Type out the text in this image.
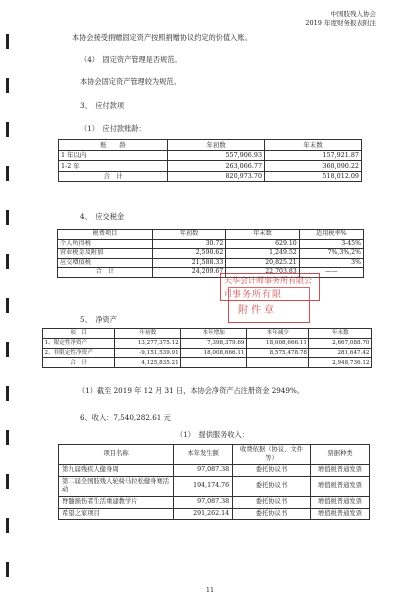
中国肢残人协会
2019 年度财务报表附注
本协会接受捐赠固定资产按照捐赠协议约定的价值入账。
（4）　固定资产管理是否规范。
本协会固定资产管理较为规范。
3、　应付款项
（1）　应付款账龄：
账　　龄	年初数	年末数
1 年以内	557,906.93	157,921.87
1-2 年	263,066.77	360,090.22
合　计	820,973.70	518,012.09
4、　应交税金
税费项目	年初数	年末数	适用税率%
个人所得税	30.72	629.10	3-45%
营业税金及附加	2,590.62	1,249.52	7%,3%,2%
应交增值税	21,588.33	20,825.21	3%
合　计	24,209.67	22,703.83	——
5、　净资产
项　目	年初数	本年增加	本年减少	年末数
1、限定性净资产	13,277,375.12	7,398,379.69	18,008,666.11	2,667,088.70
2、非限定性净资产	-9,151,539.91	18,008,666.11	8,575,478.78	281,647.42
合　计	4,125,835.21			2,948,736.12
（1）截至 2019 年 12 月 31 日，本协会净资产占注册资金 2949%。
6、收入：7,540,282.61 元
（1）　提供服务收入：
项目名称	本年发生额	收费依据（协议、文件等）	票据种类
第九届残疾人健身周	97,087.38	委托协议书	增值税普通发票
第二届全国肢残人轮椅马拉松健身赛活动	194,174.76	委托协议书	增值税普通发票
脊髓损伤者生活重建教学片	97,087.38	委托协议书	增值税普通发票
希望之家项目	291,262.14	委托协议书	增值税普通发票
天华会计师事务所有限公司 事务所有限
附件章
11
